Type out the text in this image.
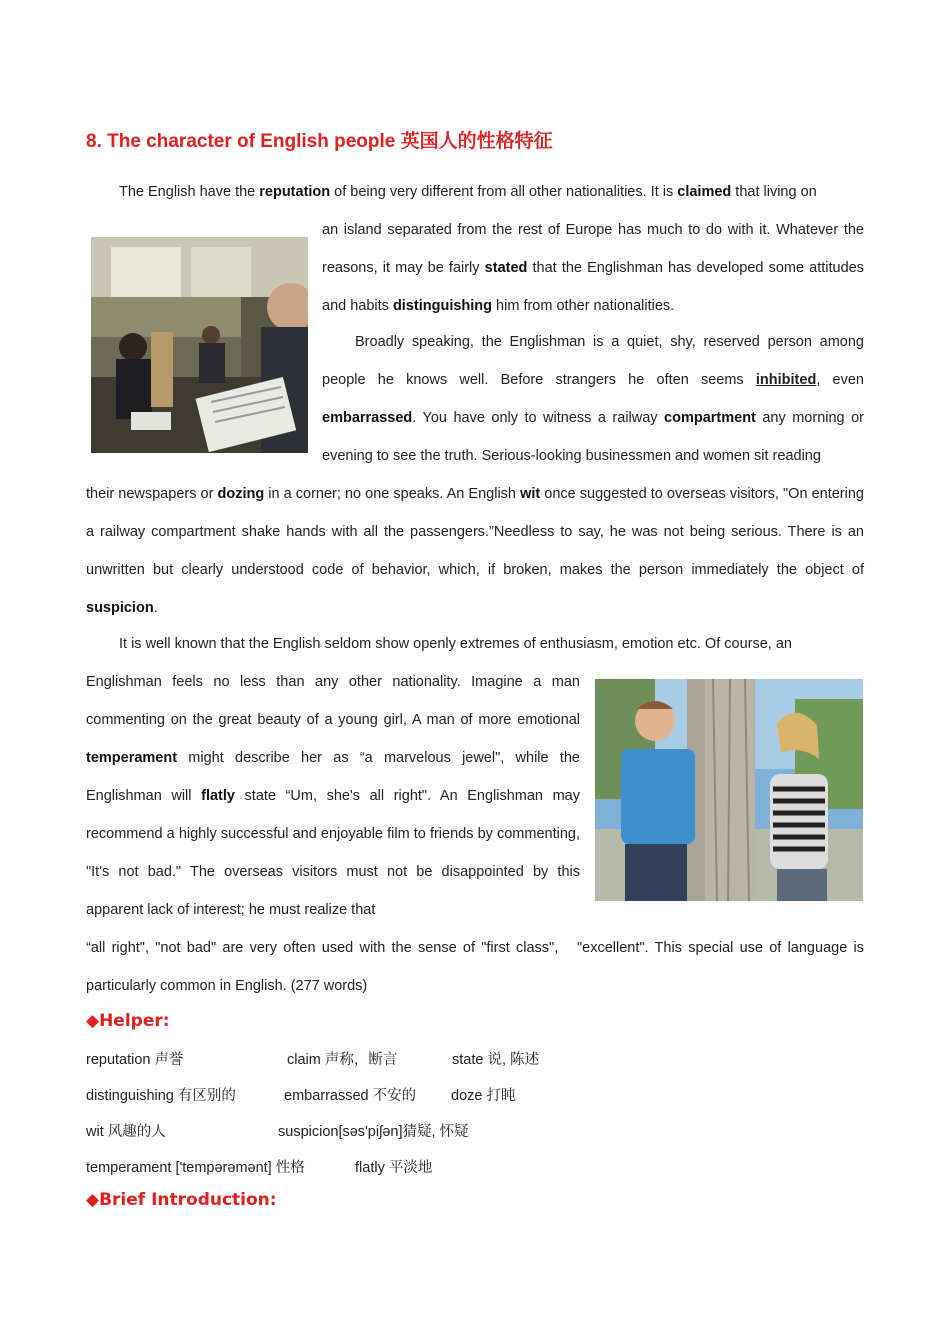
8. The character of English people 英国人的性格特征
The English have the reputation of being very different from all other nationalities. It is claimed that living on
an island separated from the rest of Europe has much to do with it. Whatever the reasons, it may be fairly stated that the Englishman has developed some attitudes and habits distinguishing him from other nationalities.
Broadly speaking, the Englishman is a quiet, shy, reserved person among people he knows well. Before strangers he often seems inhibited, even embarrassed. You have only to witness a railway compartment any morning or evening to see the truth. Serious-looking businessmen and women sit reading
their newspapers or dozing in a corner; no one speaks. An English wit once suggested to overseas visitors, "On entering a railway compartment shake hands with all the passengers.”Needless to say, he was not being serious. There is an unwritten but clearly understood code of behavior, which, if broken, makes the person immediately the object of suspicion.
It is well known that the English seldom show openly extremes of enthusiasm, emotion etc. Of course, an
Englishman feels no less than any other nationality. Imagine a man commenting on the great beauty of a young girl, A man of more emotional temperament might describe her as “a marvelous jewel", while the Englishman will flatly state “Um, she's all right". An Englishman may recommend a highly successful and enjoyable film to friends by commenting, "It's not bad." The overseas visitors must not be disappointed by this apparent lack of interest; he must realize that
“all right", "not bad" are very often used with the sense of "first class",   "excellent". This special use of language is particularly common in English. (277 words)
◆Helper:
reputation 声誉	claim 声称，断言	state 说, 陈述
distinguishing 有区别的	embarrassed 不安的 doze 打盹
wit 风趣的人	suspicion[səs'piʃən]猜疑, 怀疑
temperament ['tempərəmənt] 性格	flatly 平淡地
◆Brief Introduction:
